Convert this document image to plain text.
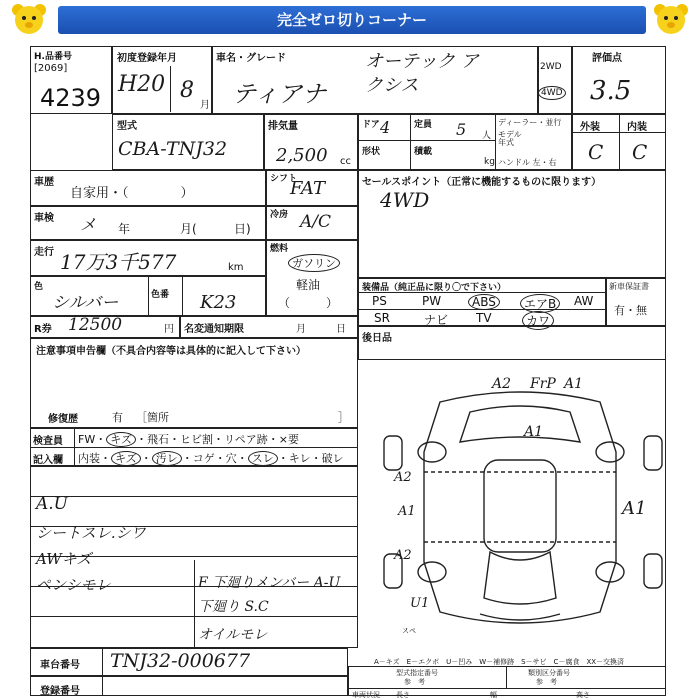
完全ゼロ切りコーナー
H.品番号
[2069]
4239
初度登録年月
H20 8
月
車名・グレード
ティアナ
オーテック アクシス
2WD
4WD
評価点
3.5
型式
CBA-TNJ32
排気量
2,500 cc
ドア 4	定員 5 人
形状	積載
kg
ディーラー・並行
モデル年式
ハンドル 左・右
外装	内装
C C
車歴
自家用・（　　　　）
シフト
FAT	セールスポイント（正常に機能するものに限ります）
4WD
車検 メ 年	月(	日)
冷房 A/C
走行 17万3千577	km
燃料
ガソリン
軽油
（　　　）
色
シルバー	色番 K23
装備品（純正品に限り〇で下さい）
PS	PW	ABS	エアB	AW
SR	ナビ TV	カワ
新車保証書
有・無
R券 12500	円 名変通知期限	月	日
後日品
注意事項申告欄（不具合内容等は具体的に記入して下さい）
修復歴	有 ［箇所	］
検査員
記入欄
FW・ キズ ・飛石・ヒビ割・リペア跡・×要
内装・ キズ ・ 汚レ ・コゲ・穴・ スレ ・キレ・破レ
A.U
シートスレ.シワ
AWキズ
ペンシモレ	F 下廻りメンバー A-U
下廻り S.C
オイルモレ
車台番号 TNJ32-000677
登録番号
A2 FrP A1
A1
A2
A1
A2
A1
U1
スペ
A－キズ　E－エクボ　U－凹み　W－補修跡　S－サビ　C－腐食　XX－交換済
型式指定番号
参　考
類別区分番号
参　考
車両状況 長さ	幅	高さ
